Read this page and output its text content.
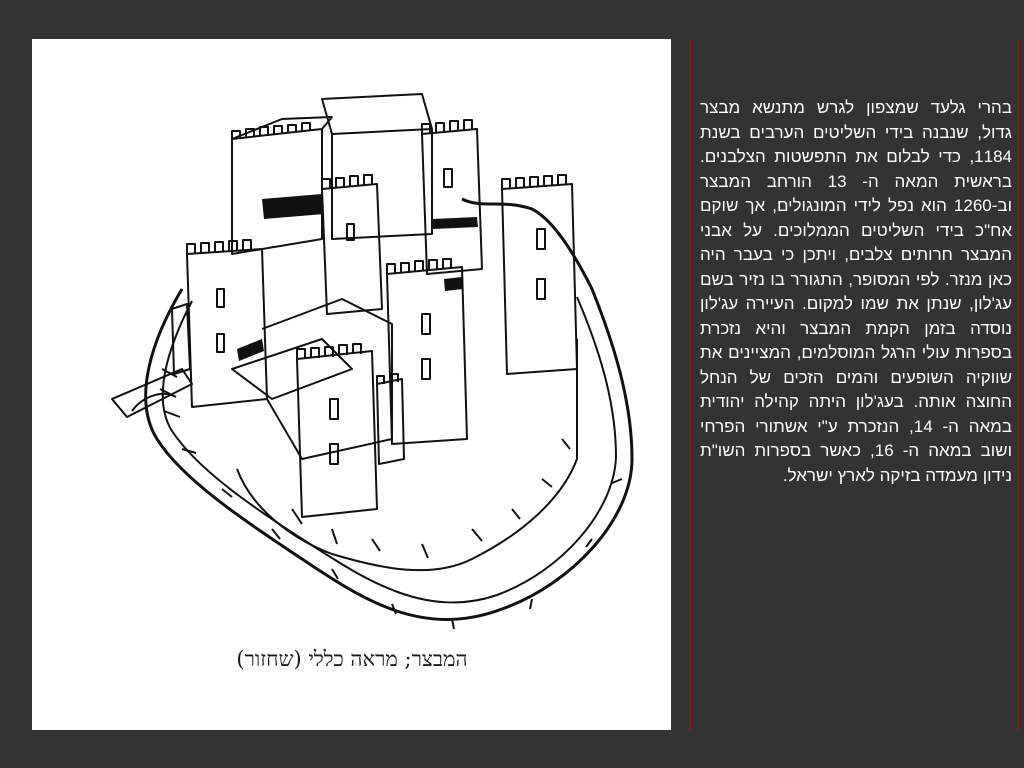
המבצר; מראה כללי (שחזור)
בהרי גלעד שמצפון לגרש מתנשא מבצר גדול, שנבנה בידי השליטים הערבים בשנת 1184, כדי לבלום את התפשטות הצלבנים. בראשית המאה ה- 13 הורחב המבצר וב-1260 הוא נפל לידי המונגולים, אך שוקם אח"כ בידי השליטים הממלוכים. על אבני המבצר חרותים צלבים, ויתכן כי בעבר היה כאן מנזר. לפי המסופר, התגורר בו נזיר בשם עג'לון, שנתן את שמו למקום. העיירה עג'לון נוסדה בזמן הקמת המבצר והיא נזכרת בספרות עולי הרגל המוסלמים, המציינים את שווקיה השופעים והמים הזכים של הנחל החוצה אותה. בעג'לון היתה קהילה יהודית במאה ה- 14, הנזכרת ע"י אשתורי הפרחי ושוב במאה ה- 16, כאשר בספרות השו"ת נידון מעמדה בזיקה לארץ ישראל.
